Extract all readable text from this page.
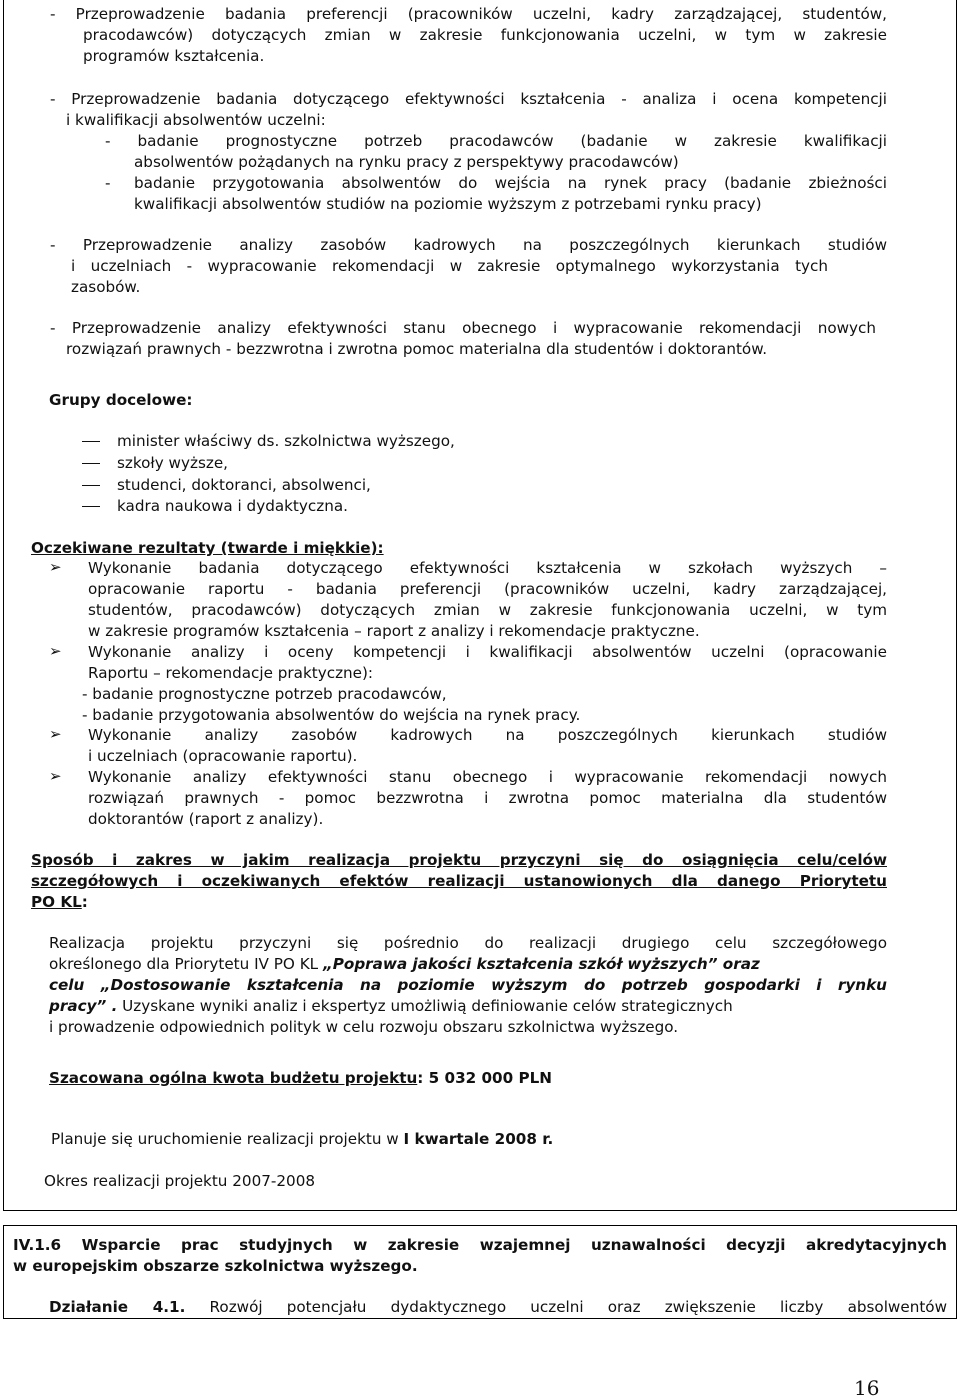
- Przeprowadzenie badania preferencji (pracowników uczelni, kadry zarządzającej, studentów,
pracodawców) dotyczących zmian w zakresie funkcjonowania uczelni, w tym w zakresie
programów kształcenia.
- Przeprowadzenie badania dotyczącego efektywności kształcenia - analiza i ocena kompetencji
i kwalifikacji absolwentów uczelni:
- badanie prognostyczne potrzeb pracodawców (badanie w zakresie kwalifikacji
absolwentów pożądanych na rynku pracy z perspektywy pracodawców)
- badanie przygotowania absolwentów do wejścia na rynek pracy (badanie zbieżności
kwalifikacji absolwentów studiów na poziomie wyższym z potrzebami rynku pracy)
- Przeprowadzenie analizy zasobów kadrowych na poszczególnych kierunkach studiów
i uczelniach - wypracowanie rekomendacji w zakresie optymalnego wykorzystania tych
zasobów.
- Przeprowadzenie analizy efektywności stanu obecnego i wypracowanie rekomendacji nowych
rozwiązań prawnych - bezzwrotna i zwrotna pomoc materialna dla studentów i doktorantów.
Grupy docelowe:
minister właściwy ds. szkolnictwa wyższego,
szkoły wyższe,
studenci, doktoranci, absolwenci,
kadra naukowa i dydaktyczna.
Oczekiwane rezultaty (twarde i miękkie):
➢ Wykonanie badania dotyczącego efektywności kształcenia w szkołach wyższych –
opracowanie raportu - badania preferencji (pracowników uczelni, kadry zarządzającej,
studentów, pracodawców) dotyczących zmian w zakresie funkcjonowania uczelni, w tym
w zakresie programów kształcenia – raport z analizy i rekomendacje praktyczne.
➢ Wykonanie analizy i oceny kompetencji i kwalifikacji absolwentów uczelni (opracowanie
Raportu – rekomendacje praktyczne):
- badanie prognostyczne potrzeb pracodawców,
- badanie przygotowania absolwentów do wejścia na rynek pracy.
➢ Wykonanie analizy zasobów kadrowych na poszczególnych kierunkach studiów
i uczelniach (opracowanie raportu).
➢ Wykonanie analizy efektywności stanu obecnego i wypracowanie rekomendacji nowych
rozwiązań prawnych - pomoc bezzwrotna i zwrotna pomoc materialna dla studentów
doktorantów (raport z analizy).
Sposób i zakres w jakim realizacja projektu przyczyni się do osiągnięcia celu/celów
szczegółowych i oczekiwanych efektów realizacji ustanowionych dla danego Priorytetu
PO KL:
Realizacja projektu przyczyni się pośrednio do realizacji drugiego celu szczegółowego
określonego dla Priorytetu IV PO KL „Poprawa jakości kształcenia szkół wyższych” oraz
celu „Dostosowanie kształcenia na poziomie wyższym do potrzeb gospodarki i rynku
pracy” . Uzyskane wyniki analiz i ekspertyz umożliwią definiowanie celów strategicznych
i prowadzenie odpowiednich polityk w celu rozwoju obszaru szkolnictwa wyższego.
Szacowana ogólna kwota budżetu projektu: 5 032 000 PLN
Planuje się uruchomienie realizacji projektu w I kwartale 2008 r.
Okres realizacji projektu 2007-2008
IV.1.6 Wsparcie prac studyjnych w zakresie wzajemnej uznawalności decyzji akredytacyjnych
w europejskim obszarze szkolnictwa wyższego.
Działanie 4.1. Rozwój potencjału dydaktycznego uczelni oraz zwiększenie liczby absolwentów
16
